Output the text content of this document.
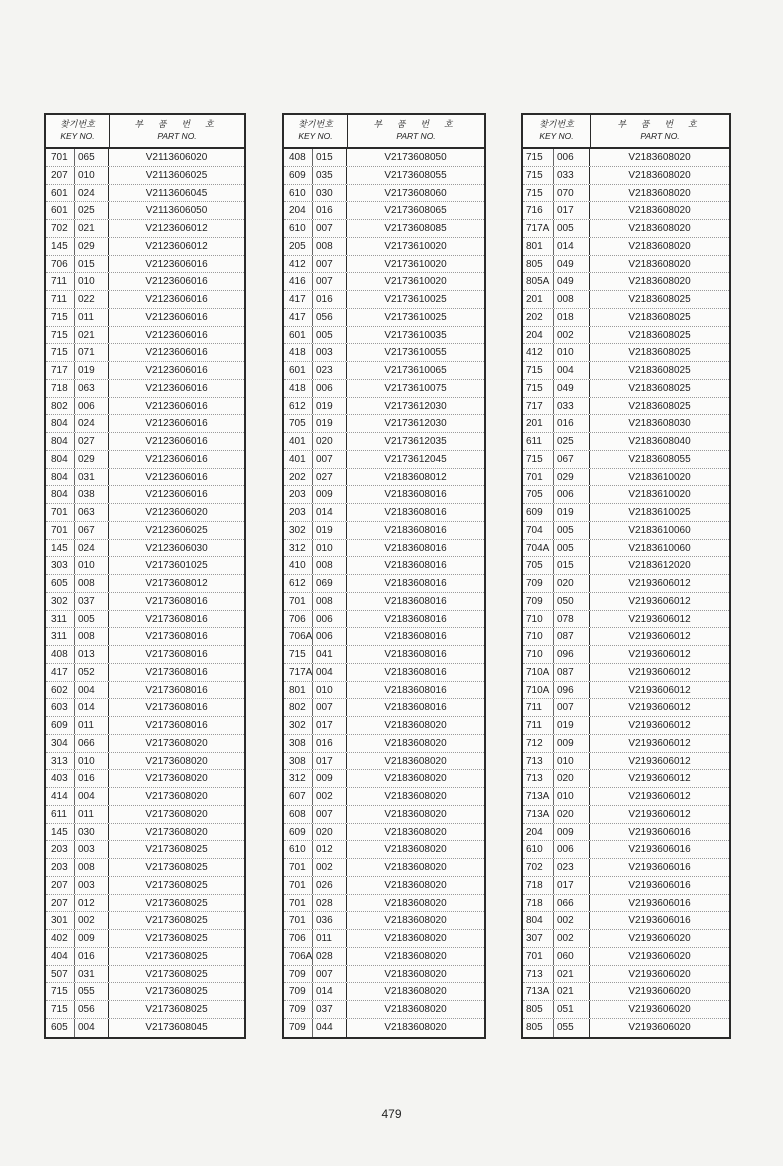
찾기번호
KEY NO.
부 품 번 호
PART NO.
701	065	V2113606020
207	010	V2113606025
601	024	V2113606045
601	025	V2113606050
702	021	V2123606012
145	029	V2123606012
706	015	V2123606016
711	010	V2123606016
711	022	V2123606016
715	011	V2123606016
715	021	V2123606016
715	071	V2123606016
717	019	V2123606016
718	063	V2123606016
802	006	V2123606016
804	024	V2123606016
804	027	V2123606016
804	029	V2123606016
804	031	V2123606016
804	038	V2123606016
701	063	V2123606020
701	067	V2123606025
145	024	V2123606030
303	010	V2173601025
605	008	V2173608012
302	037	V2173608016
311	005	V2173608016
311	008	V2173608016
408	013	V2173608016
417	052	V2173608016
602	004	V2173608016
603	014	V2173608016
609	011	V2173608016
304	066	V2173608020
313	010	V2173608020
403	016	V2173608020
414	004	V2173608020
611	011	V2173608020
145	030	V2173608020
203	003	V2173608025
203	008	V2173608025
207	003	V2173608025
207	012	V2173608025
301	002	V2173608025
402	009	V2173608025
404	016	V2173608025
507	031	V2173608025
715	055	V2173608025
715	056	V2173608025
605	004	V2173608045
찾기번호
KEY NO.
부 품 번 호
PART NO.
408	015	V2173608050
609	035	V2173608055
610	030	V2173608060
204	016	V2173608065
610	007	V2173608085
205	008	V2173610020
412	007	V2173610020
416	007	V2173610020
417	016	V2173610025
417	056	V2173610025
601	005	V2173610035
418	003	V2173610055
601	023	V2173610065
418	006	V2173610075
612	019	V2173612030
705	019	V2173612030
401	020	V2173612035
401	007	V2173612045
202	027	V2183608012
203	009	V2183608016
203	014	V2183608016
302	019	V2183608016
312	010	V2183608016
410	008	V2183608016
612	069	V2183608016
701	008	V2183608016
706	006	V2183608016
706A 006	V2183608016
715	041	V2183608016
717A 004	V2183608016
801	010	V2183608016
802	007	V2183608016
302	017	V2183608020
308	016	V2183608020
308	017	V2183608020
312	009	V2183608020
607	002	V2183608020
608	007	V2183608020
609	020	V2183608020
610	012	V2183608020
701	002	V2183608020
701	026	V2183608020
701	028	V2183608020
701	036	V2183608020
706	011	V2183608020
706A 028	V2183608020
709	007	V2183608020
709	014	V2183608020
709	037	V2183608020
709	044	V2183608020
찾기번호
KEY NO.
부 품 번 호
PART NO.
715	006	V2183608020
715	033	V2183608020
715	070	V2183608020
716	017	V2183608020
717A 005	V2183608020
801	014	V2183608020
805	049	V2183608020
805A 049	V2183608020
201	008	V2183608025
202	018	V2183608025
204	002	V2183608025
412	010	V2183608025
715	004	V2183608025
715	049	V2183608025
717	033	V2183608025
201	016	V2183608030
611	025	V2183608040
715	067	V2183608055
701	029	V2183610020
705	006	V2183610020
609	019	V2183610025
704	005	V2183610060
704A 005	V2183610060
705	015	V2183612020
709	020	V2193606012
709	050	V2193606012
710	078	V2193606012
710	087	V2193606012
710	096	V2193606012
710A 087	V2193606012
710A 096	V2193606012
711	007	V2193606012
711	019	V2193606012
712	009	V2193606012
713	010	V2193606012
713	020	V2193606012
713A 010	V2193606012
713A 020	V2193606012
204	009	V2193606016
610	006	V2193606016
702	023	V2193606016
718	017	V2193606016
718	066	V2193606016
804	002	V2193606016
307	002	V2193606020
701	060	V2193606020
713	021	V2193606020
713A 021	V2193606020
805	051	V2193606020
805	055	V2193606020
479
